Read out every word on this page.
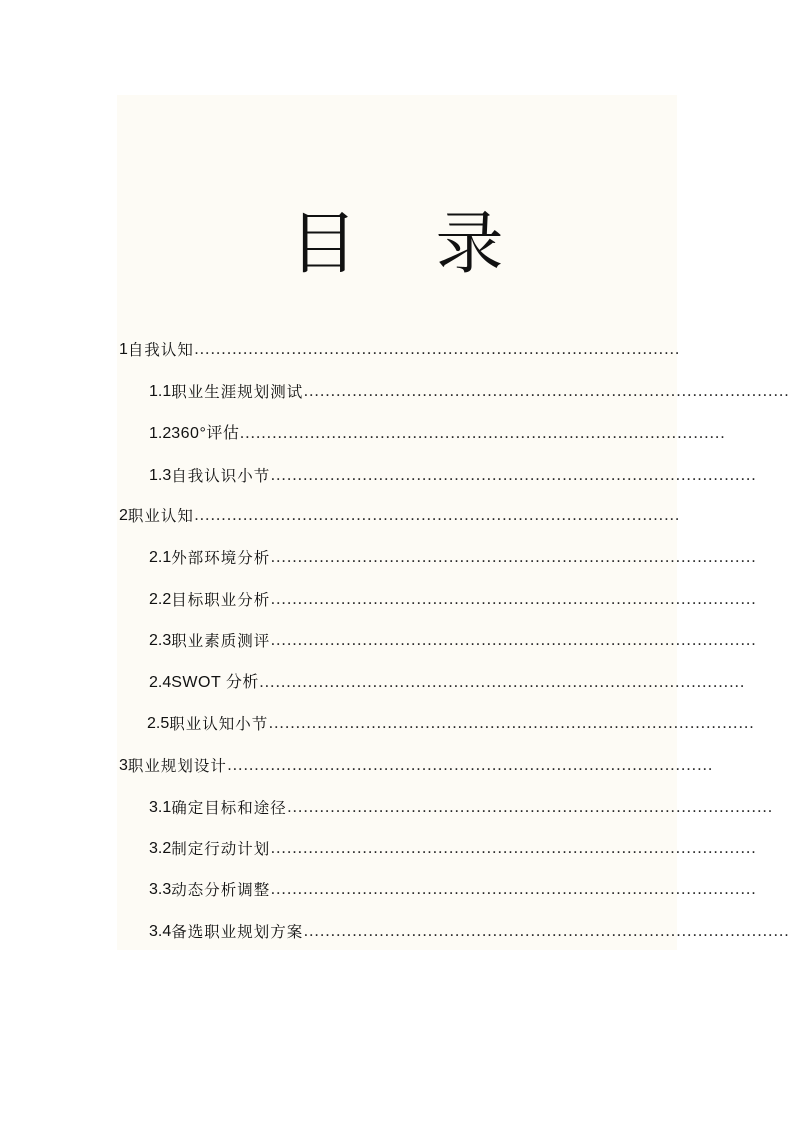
目 录
1 自我认知 ………………………………………………………………………………
1.1 职业生涯规划测试 ………………………………………………………………………………
1.2 360°评估 ………………………………………………………………………………
1.3 自我认识小节 ………………………………………………………………………………
2 职业认知 ………………………………………………………………………………
2.1 外部环境分析 ………………………………………………………………………………
2.2 目标职业分析 ………………………………………………………………………………
2.3 职业素质测评 ………………………………………………………………………………
2.4 SWOT 分析 ………………………………………………………………………………
2.5 职业认知小节 ………………………………………………………………………………
3 职业规划设计 ………………………………………………………………………………
3.1 确定目标和途径 ………………………………………………………………………………
3.2 制定行动计划 ………………………………………………………………………………
3.3 动态分析调整 ………………………………………………………………………………
3.4 备选职业规划方案 ………………………………………………………………………………
